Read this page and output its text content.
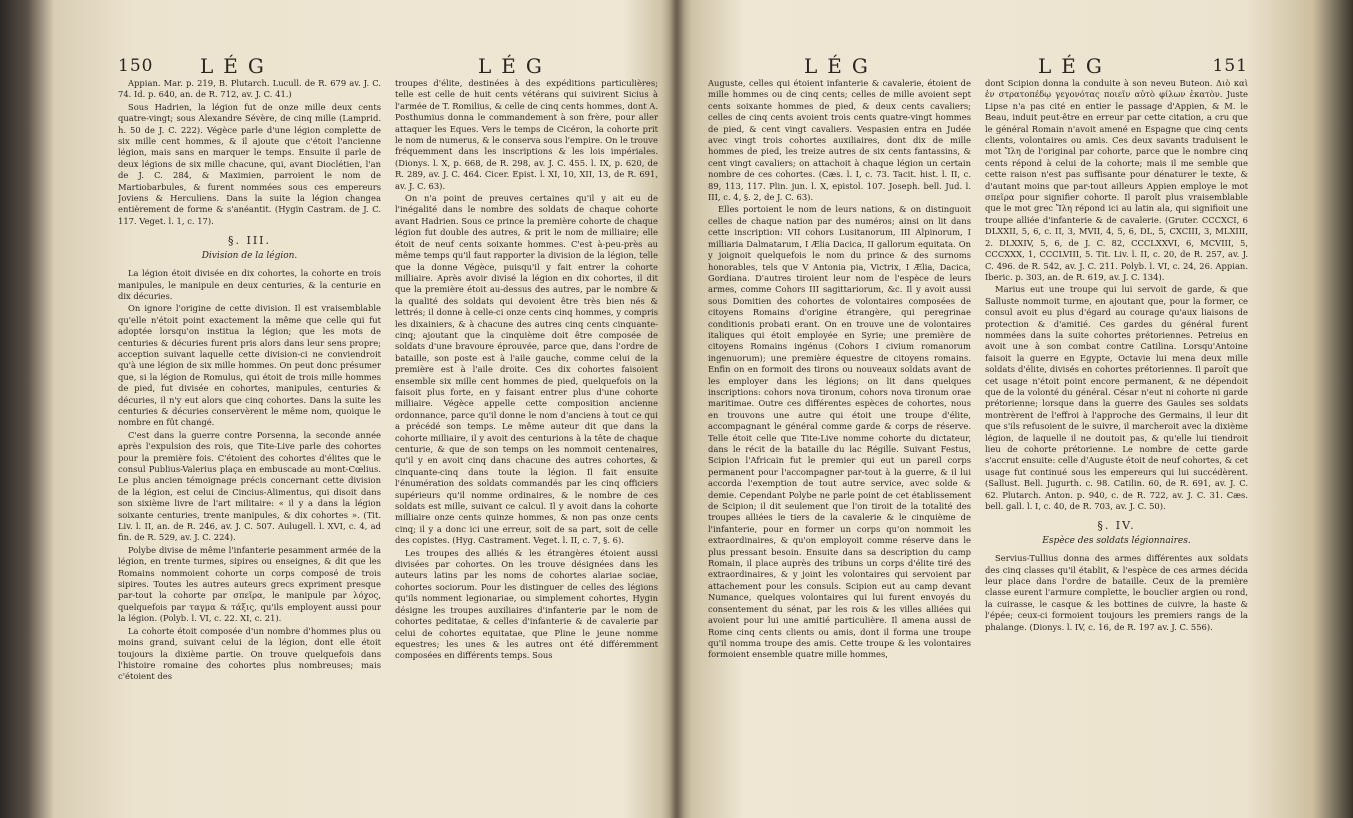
150 LÉG	LÉG

Appian. Mar. p. 219, B. Plutarch. Lucull. de R. 679 av. J. C. 74. Id. p. 640, an. de R. 712, av. J. C. 41.)

Sous Hadrien, la légion fut de onze mille deux cents quatre-vingt; sous Alexandre Sévère, de cinq mille (Lamprid. h. 50 de J. C. 222). Végèce parle d'une légion complette de six mille cent hommes, & il ajoute que c'étoit l'ancienne légion, mais sans en marquer le temps. Ensuite il parle de deux légions de six mille chacune, qui, avant Dioclétien, l'an de J. C. 284, & Maximien, parroient le nom de Martiobarbules, & furent nommées sous ces empereurs Joviens & Herculiens. Dans la suite la légion changea entièrement de forme & s'anéantit. (Hygin Castram. de J. C. 117. Veget. l. 1, c. 17).

§. III.
Division de la légion.

La légion étoit divisée en dix cohortes, la cohorte en trois manipules, le manipule en deux centuries, & la centurie en dix décuries.

On ignore l'origine de cette division. Il est vraisemblable qu'elle n'étoit point exactement la même que celle qui fut adoptée lorsqu'on institua la légion; que les mots de centuries & décuries furent pris alors dans leur sens propre; acception suivant laquelle cette division-ci ne conviendroit qu'à une légion de six mille hommes. On peut donc présumer que, si la légion de Romulus, qui étoit de trois mille hommes de pied, fut divisée en cohortes, manipules, centuries & décuries, il n'y eut alors que cinq cohortes. Dans la suite les centuries & décuries conservèrent le même nom, quoique le nombre en fût changé.

C'est dans la guerre contre Porsenna, la seconde année après l'expulsion des rois, que Tite-Live parle des cohortes pour la première fois. C'étoient des cohortes d'élites que le consul Publius-Valerius plaça en embuscade au mont-Cœlius. Le plus ancien témoignage précis concernant cette division de la légion, est celui de Cincius-Alimentus, qui disoit dans son sixième livre de l'art militaire: « il y a dans la légion soixante centuries, trente manipules, & dix cohortes ». (Tit. Liv. l. II, an. de R. 246, av. J. C. 507. Aulugell. l. XVI, c. 4, ad fin. de R. 529, av. J. C. 224).

Polybe divise de même l'infanterie pesamment armée de la légion, en trente turmes, sipires ou enseignes, & dit que les Romains nommoient cohorte un corps composé de trois sipires. Toutes les autres auteurs grecs expriment presque par-tout la cohorte par σπεῖρα, le manipule par λόχος, quelquefois par ταγμα & τάξις, qu'ils employent aussi pour la légion. (Polyb. l. VI, c. 22. XI, c. 21).

La cohorte étoit composée d'un nombre d'hommes plus ou moins grand, suivant celui de la légion, dont elle étoit toujours la dixième partie. On trouve quelquefois dans l'histoire romaine des cohortes plus nombreuses; mais c'étoient des

troupes d'élite, destinées à des expéditions particulières; telle est celle de huit cents vétérans qui suivirent Sicius à l'armée de T. Romilius, & celle de cinq cents hommes, dont A. Posthumius donna le commandement à son frère, pour aller attaquer les Eques. Vers le temps de Cicéron, la cohorte prit le nom de numerus, & le conserva sous l'empire. On le trouve fréquemment dans les inscriptions & les lois impériales. (Dionys. l. X, p. 668, de R. 298, av. J. C. 455. l. IX, p. 620, de R. 289, av. J. C. 464. Cicer. Epist. l. XI, 10, XII, 13, de R. 691, av. J. C. 63).

On n'a point de preuves certaines qu'il y ait eu de l'inégalité dans le nombre des soldats de chaque cohorte avant Hadrien. Sous ce prince la première cohorte de chaque légion fut double des autres, & prit le nom de milliaire; elle étoit de neuf cents soixante hommes. C'est à-peu-près au même temps qu'il faut rapporter la division de la légion, telle que la donne Végèce, puisqu'il y fait entrer la cohorte milliaire. Après avoir divisé la légion en dix cohortes, il dit que la première étoit au-dessus des autres, par le nombre & la qualité des soldats qui devoient être très bien nés & lettrés; il donne à celle-ci onze cents cinq hommes, y compris les dixainiers, & à chacune des autres cinq cents cinquante-cinq; ajoutant que la cinquième doit être composée de soldats d'une bravoure éprouvée, parce que, dans l'ordre de bataille, son poste est à l'aile gauche, comme celui de la première est à l'aile droite. Ces dix cohortes faisoient ensemble six mille cent hommes de pied, quelquefois on la faisoit plus forte, en y faisant entrer plus d'une cohorte milliaire. Végèce appelle cette composition ancienne ordonnance, parce qu'il donne le nom d'anciens à tout ce qui a précédé son temps. Le même auteur dit que dans la cohorte milliaire, il y avoit des centurions à la tête de chaque centurie, & que de son temps on les nommoit centenaires, qu'il y en avoit cinq dans chacune des autres cohortes, & cinquante-cinq dans toute la légion. Il fait ensuite l'énumération des soldats commandés par les cinq officiers supérieurs qu'il nomme ordinaires, & le nombre de ces soldats est mille, suivant ce calcul. Il y avoit dans la cohorte milliaire onze cents quinze hommes, & non pas onze cents cinq; il y a donc ici une erreur, soit de sa part, soit de celle des copistes. (Hyg. Castrament. Veget. l. II, c. 7, §. 6).

Les troupes des alliés & les étrangères étoient aussi divisées par cohortes. On les trouve désignées dans les auteurs latins par les noms de cohortes alariae sociae, cohortes sociorum. Pour les distinguer de celles des légions qu'ils nomment legionariae, ou simplement cohortes, Hygin désigne les troupes auxiliaires d'infanterie par le nom de cohortes peditatae, & celles d'infanterie & de cavalerie par celui de cohortes equitatae, que Pline le jeune nomme equestres; les unes & les autres ont été différemment composées en différents temps. Sous

LÉG	LÉG	151

Auguste, celles qui étoient infanterie & cavalerie, étoient de mille hommes ou de cinq cents; celles de mille avoient sept cents soixante hommes de pied, & deux cents cavaliers; celles de cinq cents avoient trois cents quatre-vingt hommes de pied, & cent vingt cavaliers. Vespasien entra en Judée avec vingt trois cohortes auxiliaires, dont dix de mille hommes de pied, les treize autres de six cents fantassins, & cent vingt cavaliers; on attachoit à chaque légion un certain nombre de ces cohortes. (Cæs. l. I, c. 73. Tacit. hist. l. II, c. 89, 113, 117. Plin. jun. l. X, epistol. 107. Joseph. bell. Jud. l. III, c. 4, §. 2, de J. C. 63).

Elles portoient le nom de leurs nations, & on distinguoit celles de chaque nation par des numéros; ainsi on lit dans cette inscription: VII cohors Lusitanorum, III Alpinorum, I milliaria Dalmatarum, I Ælia Dacica, II gallorum equitata. On y joignoit quelquefois le nom du prince & des surnoms honorables, tels que V Antonia pia, Victrix, I Ælia, Dacica, Gordiana. D'autres tiroient leur nom de l'espèce de leurs armes, comme Cohors III sagittariorum, &c. Il y avoit aussi sous Domitien des cohortes de volontaires composées de citoyens Romains d'origine étrangère, qui peregrinae conditionis probati erant. On en trouve une de volontaires italiques qui étoit employée en Syrie; une première de citoyens Romains ingénus (Cohors I civium romanorum ingenuorum); une première équestre de citoyens romains. Enfin on en formoit des tirons ou nouveaux soldats avant de les employer dans les légions; on lit dans quelques inscriptions: cohors nova tironum, cohors nova tironum orae maritimae. Outre ces différentes espèces de cohortes, nous en trouvons une autre qui étoit une troupe d'élite, accompagnant le général comme garde & corps de réserve. Telle étoit celle que Tite-Live nomme cohorte du dictateur, dans le récit de la bataille du lac Régille. Suivant Festus, Scipion l'Africain fut le premier qui eut un pareil corps permanent pour l'accompagner par-tout à la guerre, & il lui accorda l'exemption de tout autre service, avec solde & demie. Cependant Polybe ne parle point de cet établissement de Scipion; il dit seulement que l'on tiroit de la totalité des troupes alliées le tiers de la cavalerie & le cinquième de l'infanterie, pour en former un corps qu'on nommoit les extraordinaires, & qu'on employoit comme réserve dans le plus pressant besoin. Ensuite dans sa description du camp Romain, il place auprès des tribuns un corps d'élite tiré des extraordinaires, & y joint les volontaires qui servoient par attachement pour les consuls. Scipion eut au camp devant Numance, quelques volontaires qui lui furent envoyés du consentement du sénat, par les rois & les villes alliées qui avoient pour lui une amitié particulière. Il amena aussi de Rome cinq cents clients ou amis, dont il forma une troupe qu'il nomma troupe des amis. Cette troupe & les volontaires formoient ensemble quatre mille hommes,

dont Scipion donna la conduite à son neveu Buteon. Διὸ καὶ ἐν στρατοπέδῳ γεγονότας ποιεῖν αὐτὸ φίλων ἑκατὸν. Juste Lipse n'a pas cité en entier le passage d'Appien, & M. le Beau, induit peut-être en erreur par cette citation, a cru que le général Romain n'avoit amené en Espagne que cinq cents clients, volontaires ou amis. Ces deux savants traduisent le mot Ἴλη de l'original par cohorte, parce que le nombre cinq cents répond à celui de la cohorte; mais il me semble que cette raison n'est pas suffisante pour dénaturer le texte, & d'autant moins que par-tout ailleurs Appien employe le mot σπεῖρα pour signifier cohorte. Il paroît plus vraisemblable que le mot grec Ἴλη répond ici au latin ala, qui signifioit une troupe alliée d'infanterie & de cavalerie. (Gruter. CCCXCI, 6 DLXXII, 5, 6, c. II, 3, MVII, 4, 5, 6, DL, 5, CXCIII, 3, MLXIII, 2. DLXXIV, 5, 6, de J. C. 82, CCCLXXVI, 6, MCVIII, 5, CCCXXX, 1, CCCLVIII, 5. Tit. Liv. l. II, c. 20, de R. 257, av. J. C. 496. de R. 542, av. J. C. 211. Polyb. l. VI, c. 24, 26. Appian. Iberic. p. 303, an. de R. 619, av. J. C. 134).

Marius eut une troupe qui lui servoit de garde, & que Salluste nommoit turme, en ajoutant que, pour la former, ce consul avoit eu plus d'égard au courage qu'aux liaisons de protection & d'amitié. Ces gardes du général furent nommées dans la suite cohortes prétoriennes. Petreius en avoit une à son combat contre Catilina. Lorsqu'Antoine faisoit la guerre en Egypte, Octavie lui mena deux mille soldats d'élite, divisés en cohortes prétoriennes. Il paroît que cet usage n'étoit point encore permanent, & ne dépendoit que de la volonté du général. César n'eut ni cohorte ni garde prétorienne; lorsque dans la guerre des Gaules ses soldats montrèrent de l'effroi à l'approche des Germains, il leur dit que s'ils refusoient de le suivre, il marcheroit avec la dixième légion, de laquelle il ne doutoit pas, & qu'elle lui tiendroit lieu de cohorte prétorienne. Le nombre de cette garde s'accrut ensuite: celle d'Auguste étoit de neuf cohortes, & cet usage fut continué sous les empereurs qui lui succédèrent. (Sallust. Bell. Jugurth. c. 98. Catilin. 60, de R. 691, av. J. C. 62. Plutarch. Anton. p. 940, c. de R. 722, av. J. C. 31. Cæs. bell. gall. l. I, c. 40, de R. 703, av. J. C. 50).

§. IV.
Espèce des soldats légionnaires.

Servius-Tullius donna des armes différentes aux soldats des cinq classes qu'il établit, & l'espèce de ces armes décida leur place dans l'ordre de bataille. Ceux de la première classe eurent l'armure complette, le bouclier argien ou rond, la cuirasse, le casque & les bottines de cuivre, la haste & l'épée; ceux-ci formoient toujours les premiers rangs de la phalange. (Dionys. l. IV, c. 16, de R. 197 av. J. C. 556).
